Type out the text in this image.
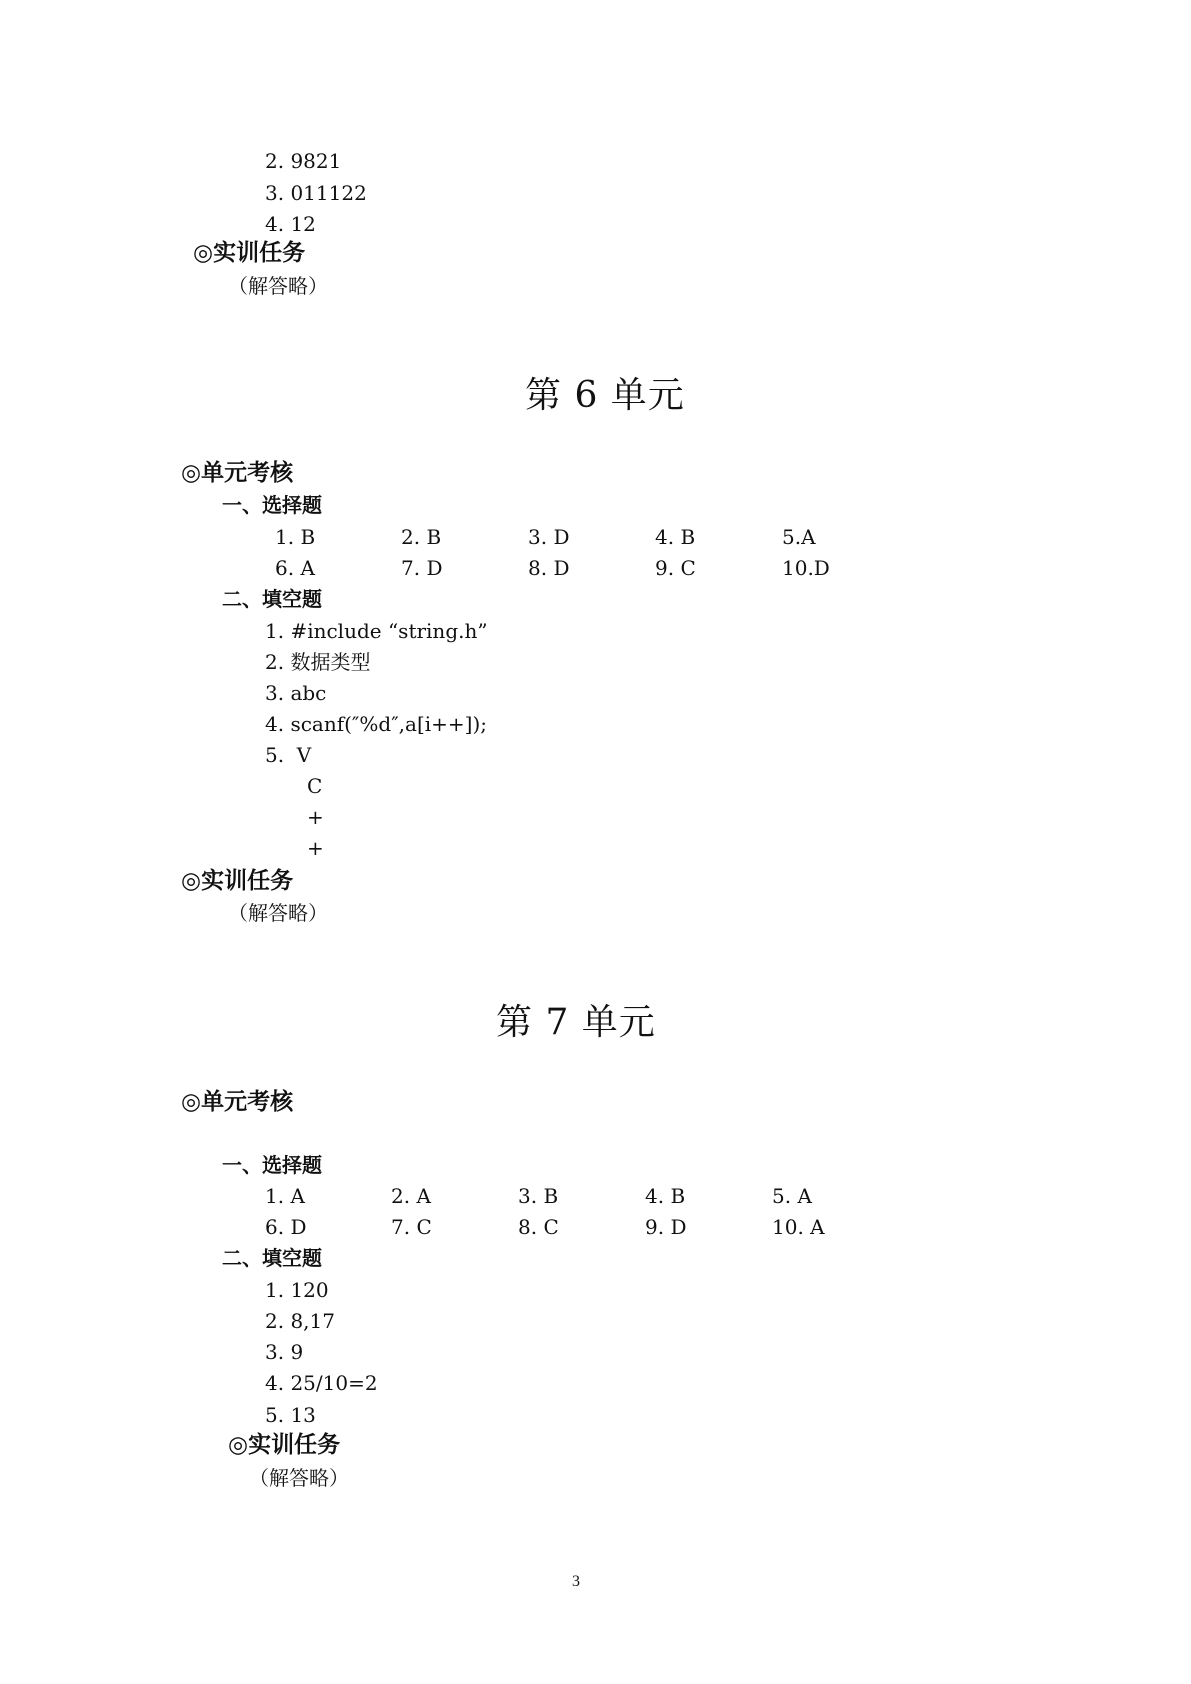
2. 9821
3. 011122
4. 12
◎实训任务
（解答略）
第 6 单元
◎单元考核
一、选择题
1. B	2. B	3. D	4. B	5.A
6. A	7. D	8. D	9. C	10.D
二、填空题
1. #include “string.h”
2. 数据类型
3. abc
4. scanf(″%d″,a[i++]);
5.  V
C
+
+
◎实训任务
（解答略）
第 7 单元
◎单元考核
一、选择题
1. A	2. A	3. B	4. B	5. A
6. D	7. C	8. C	9. D	10. A
二、填空题
1. 120
2. 8,17
3. 9
4. 25/10=2
5. 13
◎实训任务
（解答略）
3
